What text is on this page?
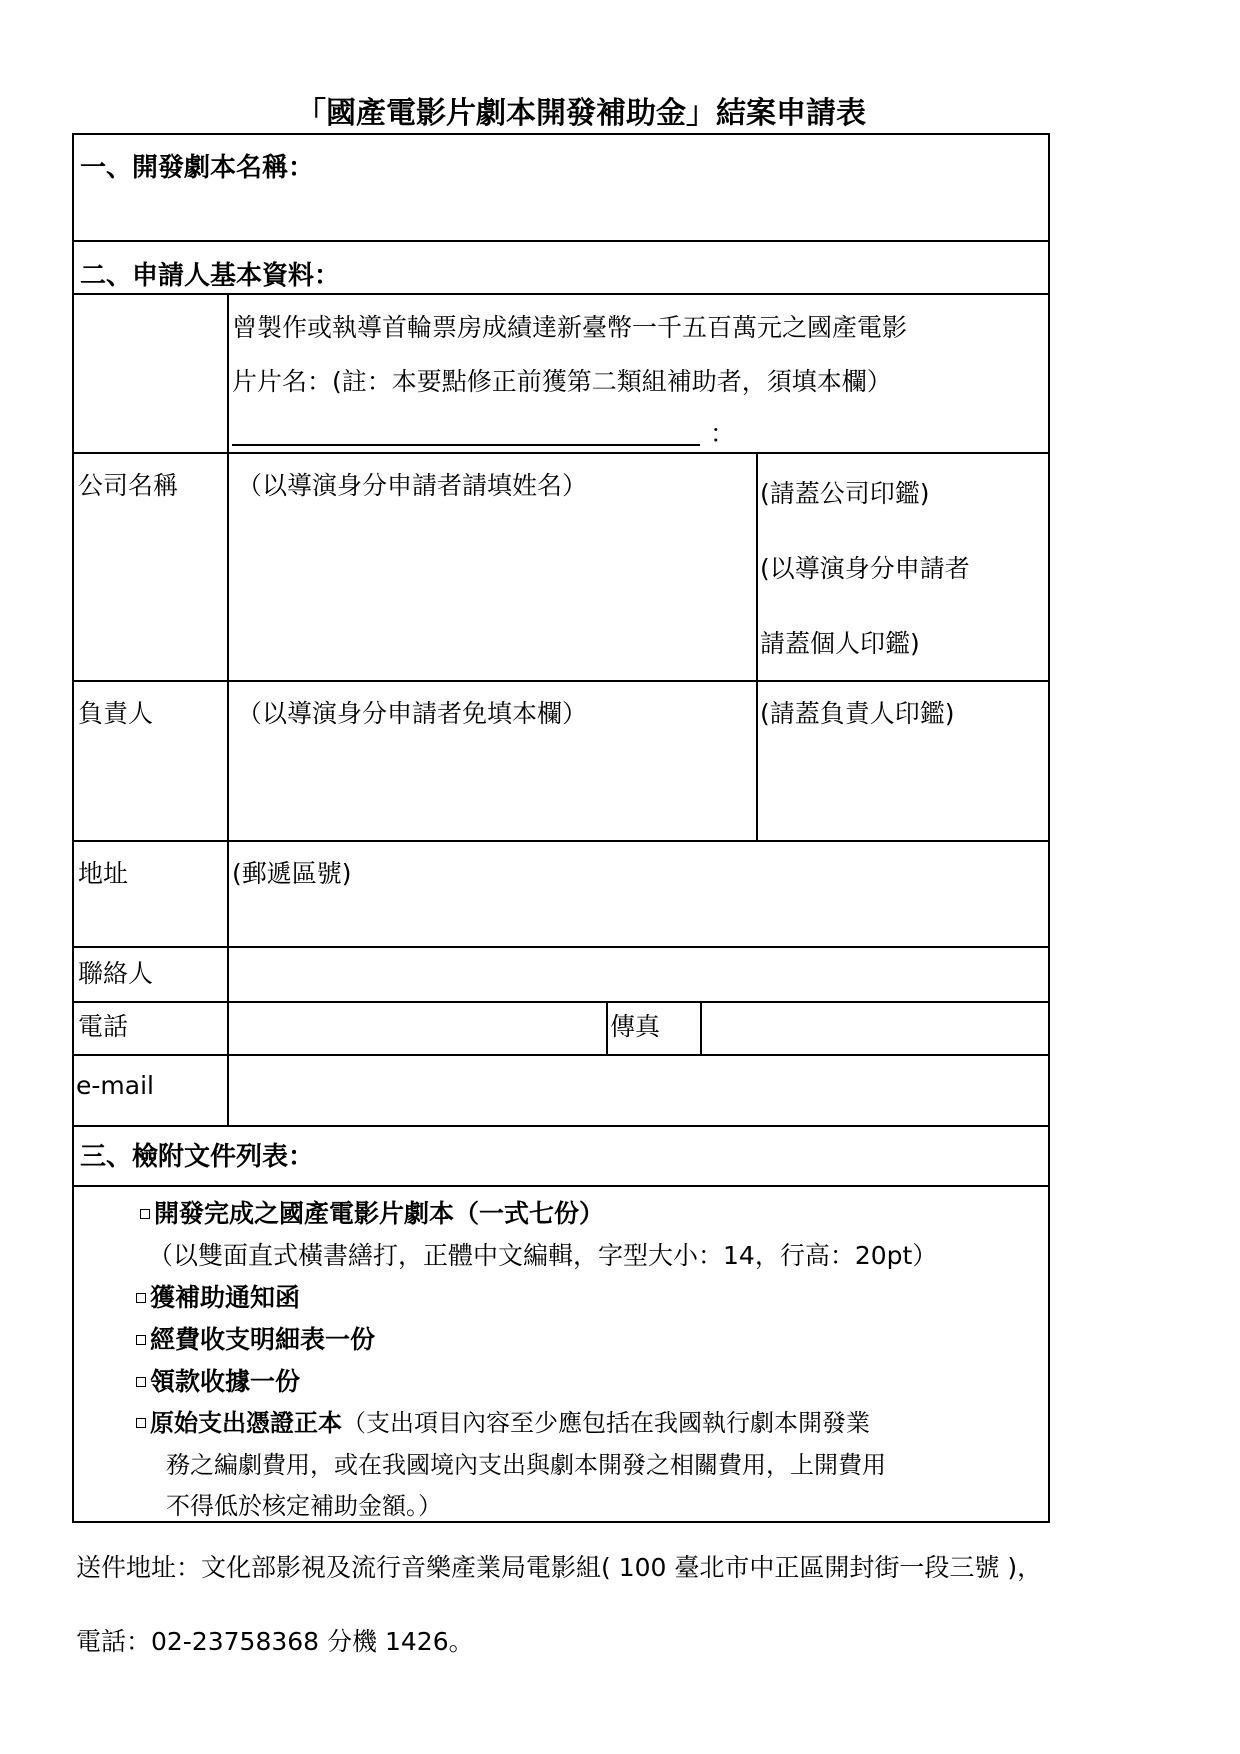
「國產電影片劇本開發補助金」結案申請表
一、開發劇本名稱：
二、申請人基本資料：
曾製作或執導首輪票房成績達新臺幣一千五百萬元之國產電影
片片名：(註：本要點修正前獲第二類組補助者，須填本欄）
：
公司名稱 （以導演身分申請者請填姓名）	(請蓋公司印鑑)
(以導演身分申請者
請蓋個人印鑑)
負責人	（以導演身分申請者免填本欄）	(請蓋負責人印鑑)
地址	(郵遞區號)
聯絡人
電話	傳真
e-mail
三、檢附文件列表：
開發完成之國產電影片劇本（一式七份）
（以雙面直式橫書繕打，正體中文編輯，字型大小：14，行高：20pt）
獲補助通知函
經費收支明細表一份
領款收據一份
原始支出憑證正本（支出項目內容至少應包括在我國執行劇本開發業
務之編劇費用，或在我國境內支出與劇本開發之相關費用，上開費用
不得低於核定補助金額。）
送件地址：文化部影視及流行音樂產業局電影組( 100 臺北市中正區開封街一段三號 )，
電話：02-23758368 分機 1426。
